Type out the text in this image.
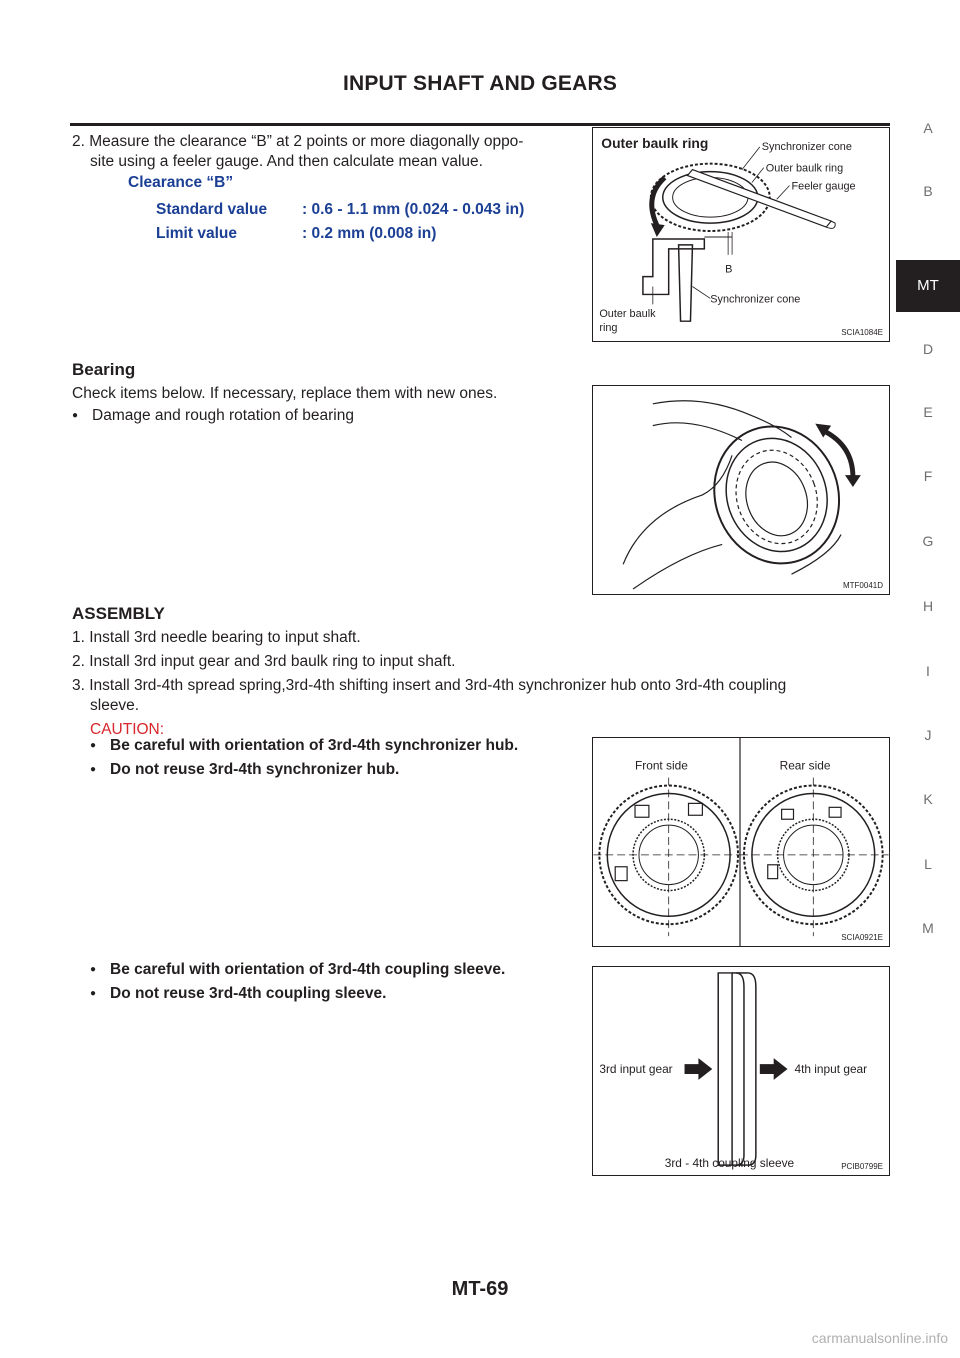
INPUT SHAFT AND GEARS
A
B
MT
D
E
F
G
H
I
J
K
L
M
2. Measure the clearance “B” at 2 points or more diagonally oppo-
site using a feeler gauge. And then calculate mean value.
Clearance “B”
Standard value : 0.6 - 1.1 mm (0.024 - 0.043 in)
Limit value	: 0.2 mm (0.008 in)
Outer baulk ring	Synchronizer cone
Outer baulk ring
Feeler gauge
B
Synchronizer cone
Outer baulk
ring	SCIA1084E
Bearing
Check items below. If necessary, replace them with new ones.
● Damage and rough rotation of bearing
MTF0041D
ASSEMBLY
1. Install 3rd needle bearing to input shaft.
2. Install 3rd input gear and 3rd baulk ring to input shaft.
3. Install 3rd-4th spread spring,3rd-4th shifting insert and 3rd-4th synchronizer hub onto 3rd-4th coupling
sleeve.
CAUTION:
● Be careful with orientation of 3rd-4th synchronizer hub.
● Do not reuse 3rd-4th synchronizer hub.
● Be careful with orientation of 3rd-4th coupling sleeve.
● Do not reuse 3rd-4th coupling sleeve.
Front side	Rear side
SCIA0921E
3rd input gear	4th input gear
3rd - 4th coupling sleeve	PCIB0799E
MT-69
carmanualsonline.info
